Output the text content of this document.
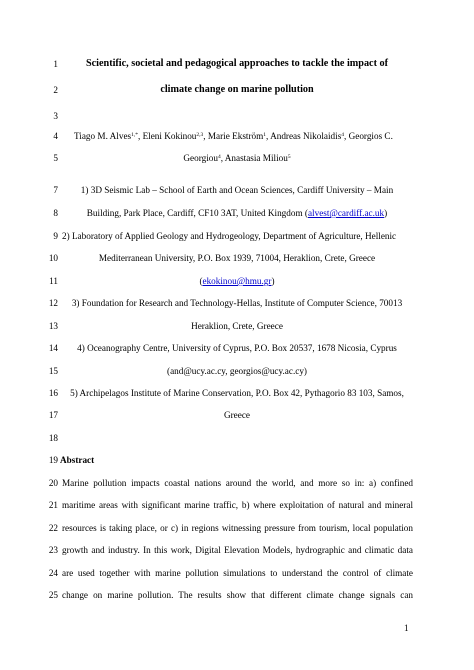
1	Scientific, societal and pedagogical approaches to tackle the impact of
2	climate change on marine pollution
3
4 Tiago M. Alves$^{1,*}$, Eleni Kokinou$^{2,3}$, Marie Ekström$^1$, Andreas Nikolaidis$^4$, Georgios C.
5	Georgiou$^4$, Anastasia Miliou$^5$
7	1) 3D Seismic Lab – School of Earth and Ocean Sciences, Cardiff University – Main
8	Building, Park Place, Cardiff, CF10 3AT, United Kingdom (alvest@cardiff.ac.uk)
9 2) Laboratory of Applied Geology and Hydrogeology, Department of Agriculture, Hellenic
10	Mediterranean University, P.O. Box 1939, 71004, Heraklion, Crete, Greece
11	(ekokinou@hmu.gr)
12	3) Foundation for Research and Technology-Hellas, Institute of Computer Science, 70013
13	Heraklion, Crete, Greece
14	4) Oceanography Centre, University of Cyprus, P.O. Box 20537, 1678 Nicosia, Cyprus
15	(and@ucy.ac.cy, georgios@ucy.ac.cy)
16	5) Archipelagos Institute of Marine Conservation, P.O. Box 42, Pythagorio 83 103, Samos,
17	Greece
18
19 Abstract
20 Marine pollution impacts coastal nations around the world, and more so in: a) confined
21 maritime areas with significant marine traffic, b) where exploitation of natural and mineral
22 resources is taking place, or c) in regions witnessing pressure from tourism, local population
23 growth and industry. In this work, Digital Elevation Models, hydrographic and climatic data
24 are used together with marine pollution simulations to understand the control of climate
25 change on marine pollution. The results show that different climate change signals can
1
